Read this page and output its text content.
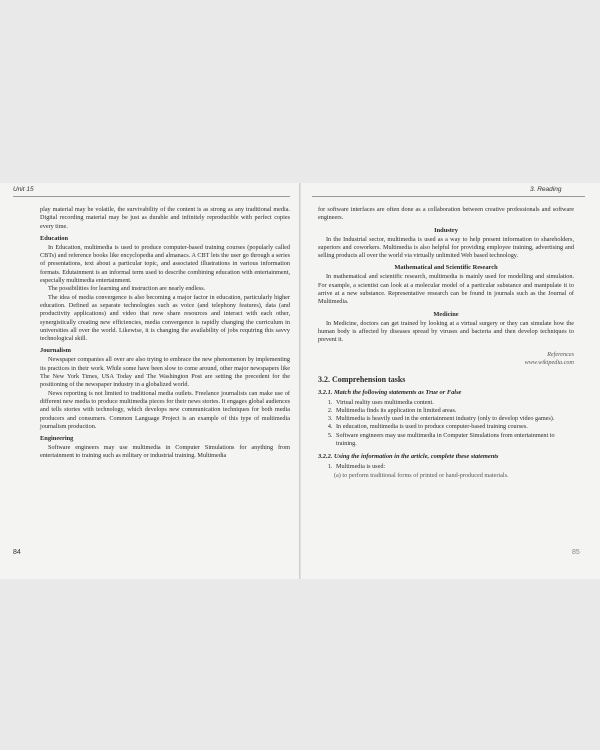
Unit 15	3. Reading

play material may be volatile, the survivability of the content is as strong as any traditional media. Digital recording material may be just as durable and infinitely reproducible with perfect copies every time.

Education

In Education, multimedia is used to produce computer-based training courses (popularly called CBTs) and reference books like encyclopedia and almanacs. A CBT lets the user go through a series of presentations, text about a particular topic, and associated illustrations in various information formats. Edutainment is an informal term used to describe combining education with entertainment, especially multimedia entertainment.

The possibilities for learning and instruction are nearly endless.

The idea of media convergence is also becoming a major factor in education, particularly higher education. Defined as separate technologies such as voice (and telephony features), data (and productivity applications) and video that now share resources and interact with each other, synergistically creating new efficiencies, media convergence is rapidly changing the curriculum in universities all over the world. Likewise, it is changing the availability of jobs requiring this savvy technological skill.

Journalism

Newspaper companies all over are also trying to embrace the new phenomenon by implementing its practices in their work. While some have been slow to come around, other major newspapers like The New York Times, USA Today and The Washington Post are setting the precedent for the positioning of the newspaper industry in a globalized world.

News reporting is not limited to traditional media outlets. Freelance journalists can make use of different new media to produce multimedia pieces for their news stories. It engages global audiences and tells stories with technology, which develops new communication techniques for both media producers and consumers. Common Language Project is an example of this type of multimedia journalism production.

Engineering

Software engineers may use multimedia in Computer Simulations for anything from entertainment to training such as military or industrial training. Multimedia

for software interfaces are often done as a collaboration between creative professionals and software engineers.

Industry

In the Industrial sector, multimedia is used as a way to help present information to shareholders, superiors and coworkers. Multimedia is also helpful for providing employee training, advertising and selling products all over the world via virtually unlimited Web based technology.

Mathematical and Scientific Research

In mathematical and scientific research, multimedia is mainly used for modelling and simulation. For example, a scientist can look at a molecular model of a particular substance and manipulate it to arrive at a new substance. Representative research can be found in journals such as the Journal of Multimedia.

Medicine

In Medicine, doctors can get trained by looking at a virtual surgery or they can simulate how the human body is affected by diseases spread by viruses and bacteria and then develop techniques to prevent it.

References
www.wikipedia.com
3.2. Comprehension tasks
3.2.1. Match the following statements as True or False
1. Virtual reality uses multimedia content.
2. Multimedia finds its application in limited areas.
3. Multimedia is heavily used in the entertainment industry (only to develop video games).
4. In education, multimedia is used to produce computer-based training courses.
5. Software engineers may use multimedia in Computer Simulations from entertainment to training.
3.2.2. Using the information in the article, complete these statements
1. Multimedia is used:
(a) to perform traditional forms of printed or hand-produced materials.
84	85
